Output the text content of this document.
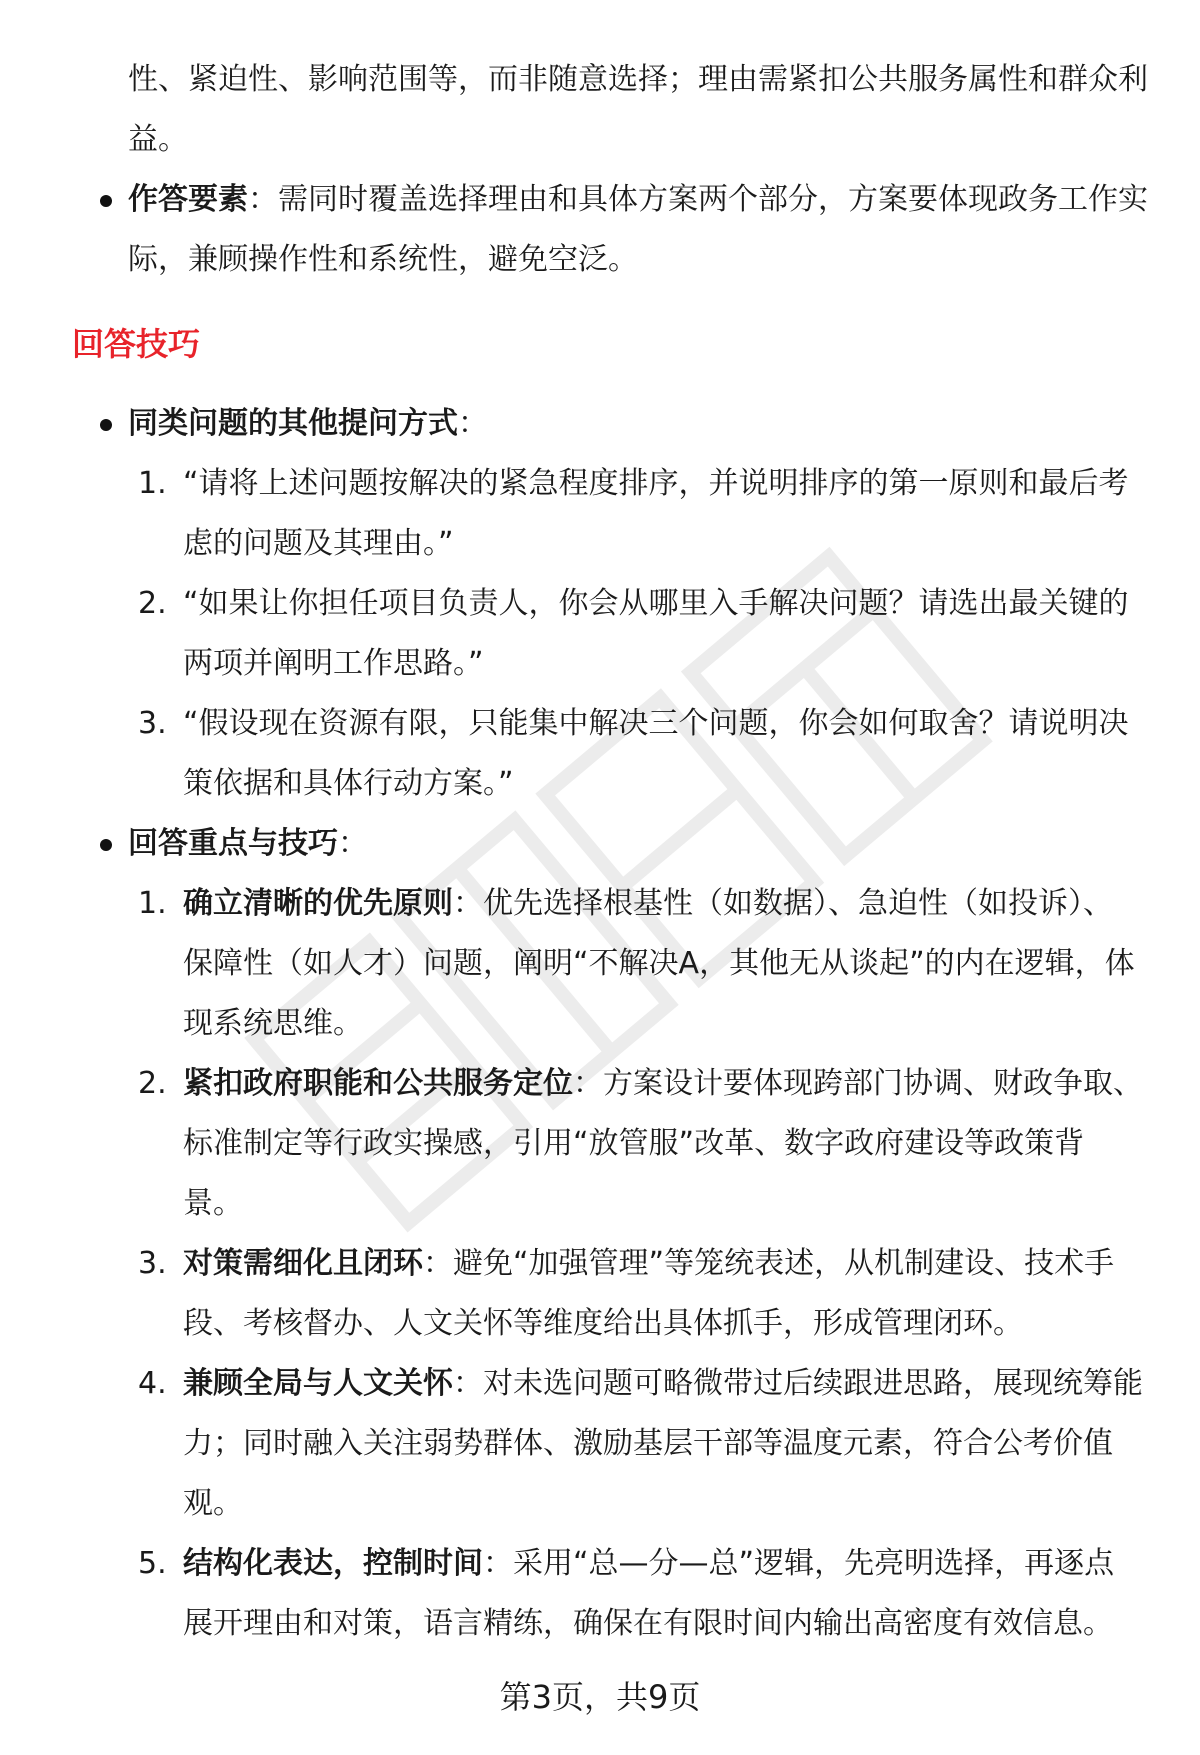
性、紧迫性、影响范围等，而非随意选择；理由需紧扣公共服务属性和群众利
益。
作答要素：需同时覆盖选择理由和具体方案两个部分，方案要体现政务工作实
际，兼顾操作性和系统性，避免空泛。
回答技巧
同类问题的其他提问方式：
1. “请将上述问题按解决的紧急程度排序，并说明排序的第一原则和最后考
虑的问题及其理由。”
2. “如果让你担任项目负责人，你会从哪里入手解决问题？请选出最关键的
两项并阐明工作思路。”
3. “假设现在资源有限，只能集中解决三个问题，你会如何取舍？请说明决
策依据和具体行动方案。”
回答重点与技巧：
1. 确立清晰的优先原则：优先选择根基性（如数据）、急迫性（如投诉）、
保障性（如人才）问题，阐明“不解决A，其他无从谈起”的内在逻辑，体
现系统思维。
2. 紧扣政府职能和公共服务定位：方案设计要体现跨部门协调、财政争取、
标准制定等行政实操感，引用“放管服”改革、数字政府建设等政策背
景。
3. 对策需细化且闭环：避免“加强管理”等笼统表述，从机制建设、技术手
段、考核督办、人文关怀等维度给出具体抓手，形成管理闭环。
4. 兼顾全局与人文关怀：对未选问题可略微带过后续跟进思路，展现统筹能
力；同时融入关注弱势群体、激励基层干部等温度元素，符合公考价值
观。
5. 结构化表达，控制时间：采用“总—分—总”逻辑，先亮明选择，再逐点
展开理由和对策，语言精练，确保在有限时间内输出高密度有效信息。
第3页，共9页
